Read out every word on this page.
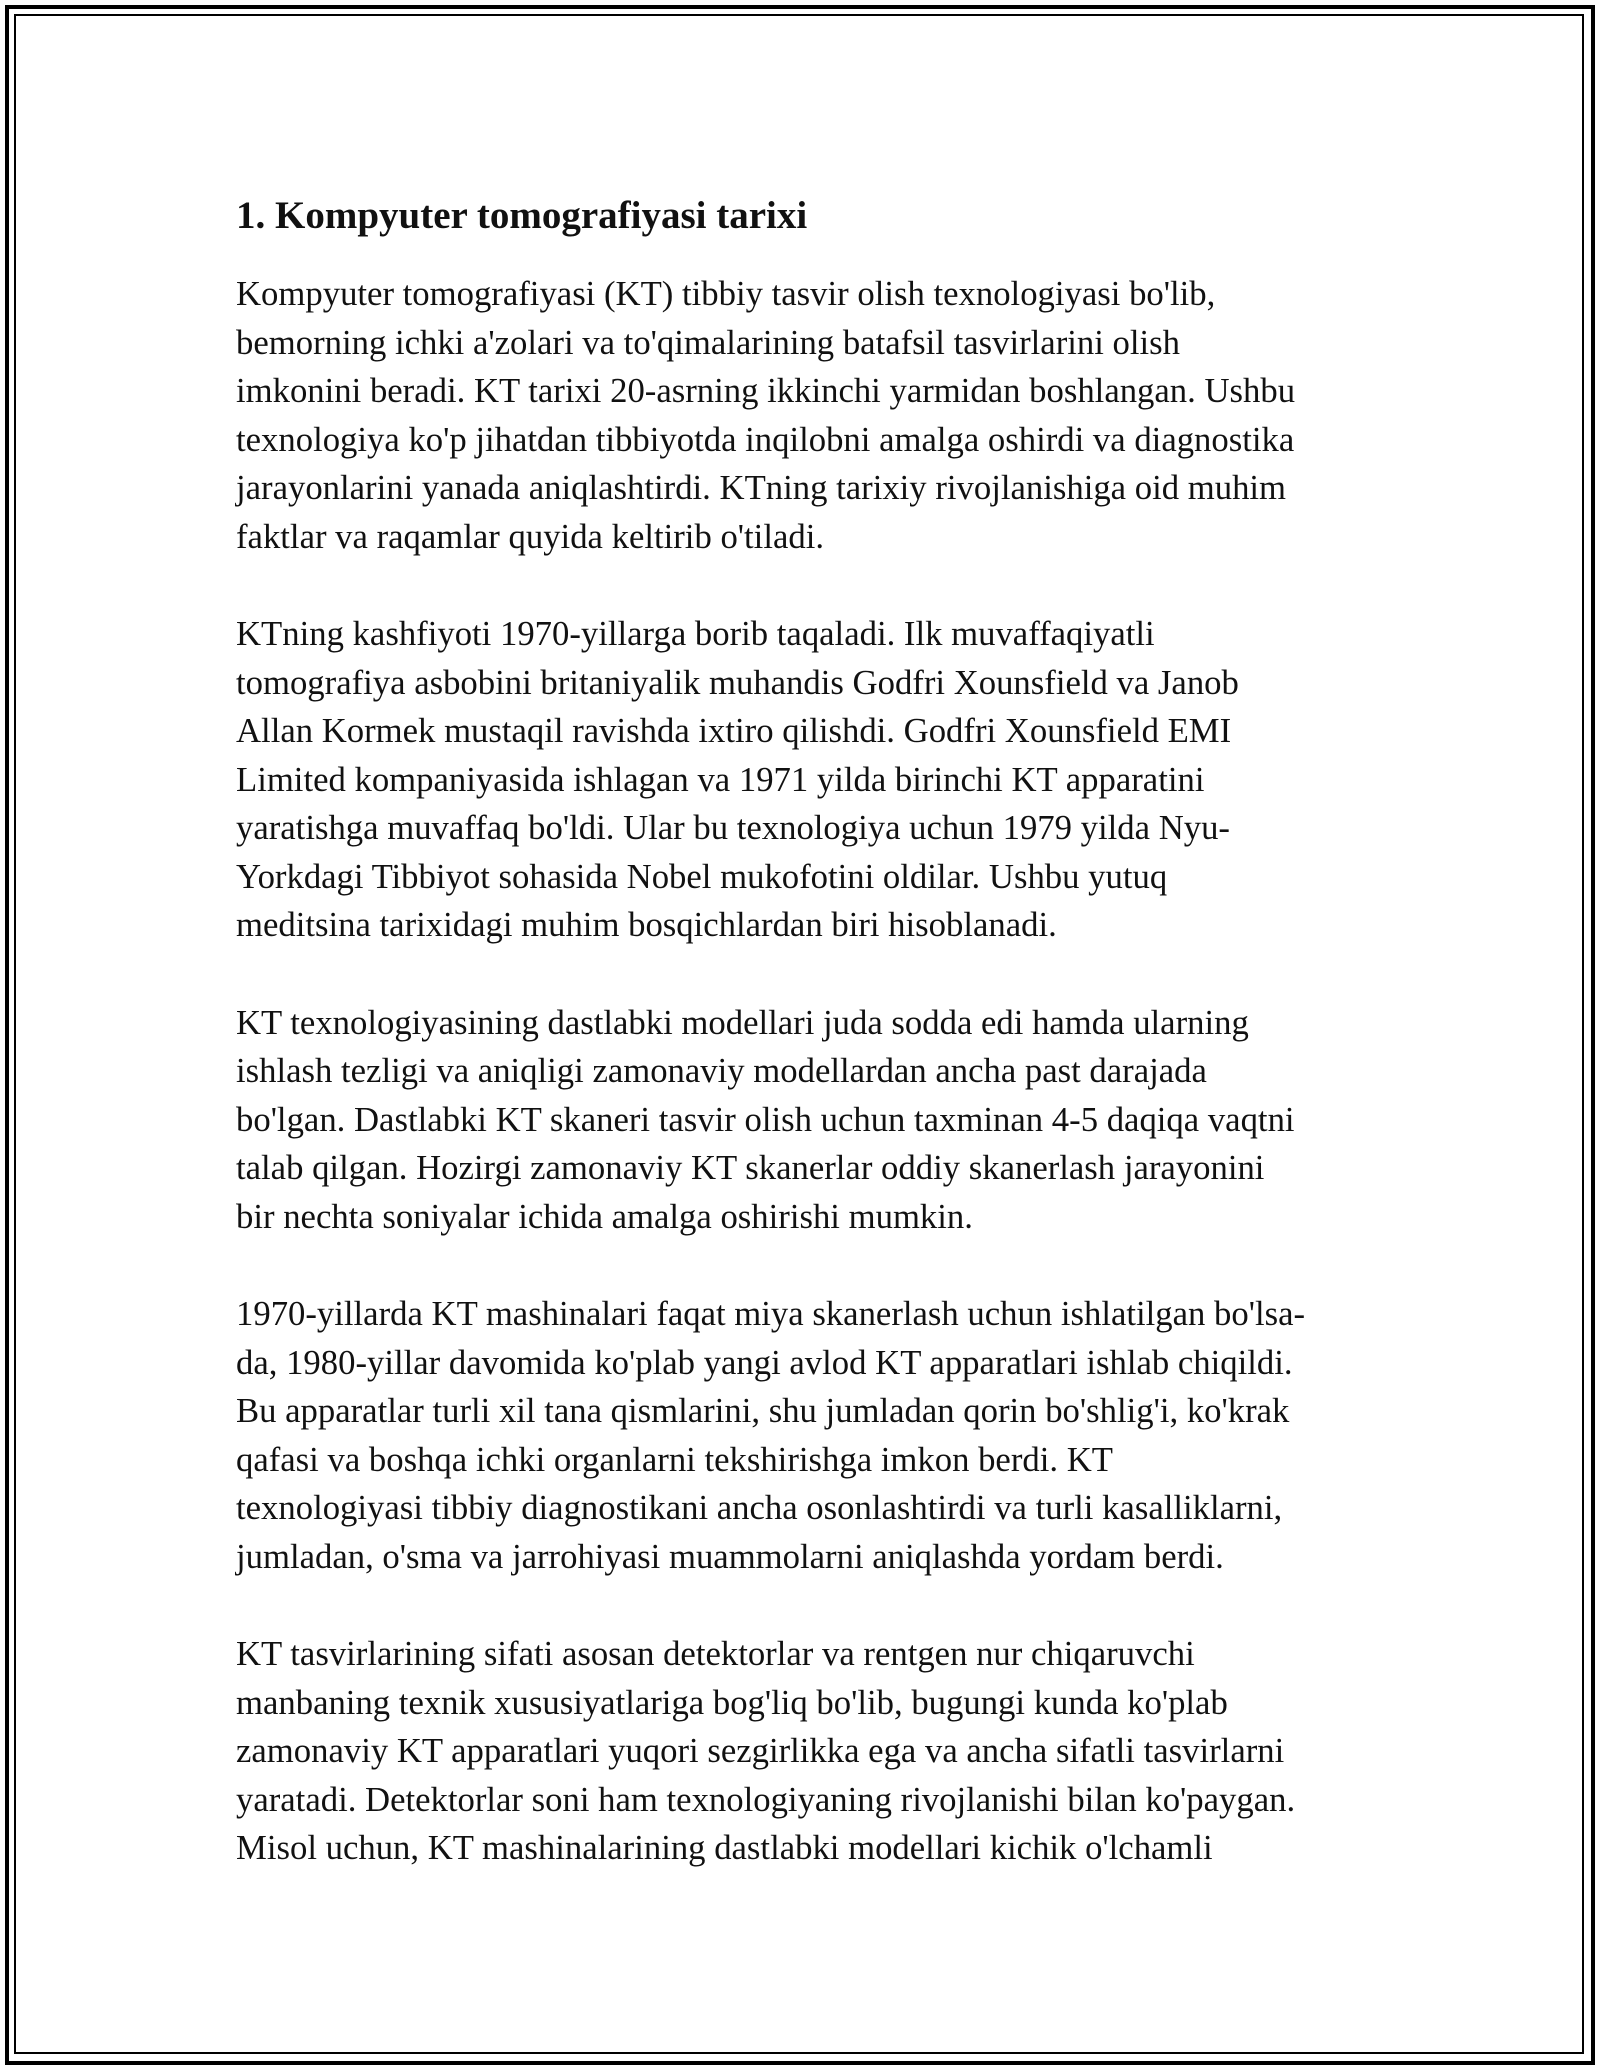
1. Kompyuter tomografiyasi tarixi

Kompyuter tomografiyasi (KT) tibbiy tasvir olish texnologiyasi bo'lib,
bemorning ichki a'zolari va to'qimalarining batafsil tasvirlarini olish
imkonini beradi. KT tarixi 20-asrning ikkinchi yarmidan boshlangan. Ushbu
texnologiya ko'p jihatdan tibbiyotda inqilobni amalga oshirdi va diagnostika
jarayonlarini yanada aniqlashtirdi. KTning tarixiy rivojlanishiga oid muhim
faktlar va raqamlar quyida keltirib o'tiladi.

KTning kashfiyoti 1970-yillarga borib taqaladi. Ilk muvaffaqiyatli
tomografiya asbobini britaniyalik muhandis Godfri Xounsfield va Janob
Allan Kormek mustaqil ravishda ixtiro qilishdi. Godfri Xounsfield EMI
Limited kompaniyasida ishlagan va 1971 yilda birinchi KT apparatini
yaratishga muvaffaq bo'ldi. Ular bu texnologiya uchun 1979 yilda Nyu-
Yorkdagi Tibbiyot sohasida Nobel mukofotini oldilar. Ushbu yutuq
meditsina tarixidagi muhim bosqichlardan biri hisoblanadi.

KT texnologiyasining dastlabki modellari juda sodda edi hamda ularning
ishlash tezligi va aniqligi zamonaviy modellardan ancha past darajada
bo'lgan. Dastlabki KT skaneri tasvir olish uchun taxminan 4-5 daqiqa vaqtni
talab qilgan. Hozirgi zamonaviy KT skanerlar oddiy skanerlash jarayonini
bir nechta soniyalar ichida amalga oshirishi mumkin.

1970-yillarda KT mashinalari faqat miya skanerlash uchun ishlatilgan bo'lsa-
da, 1980-yillar davomida ko'plab yangi avlod KT apparatlari ishlab chiqildi.
Bu apparatlar turli xil tana qismlarini, shu jumladan qorin bo'shlig'i, ko'krak
qafasi va boshqa ichki organlarni tekshirishga imkon berdi. KT
texnologiyasi tibbiy diagnostikani ancha osonlashtirdi va turli kasalliklarni,
jumladan, o'sma va jarrohiyasi muammolarni aniqlashda yordam berdi.

KT tasvirlarining sifati asosan detektorlar va rentgen nur chiqaruvchi
manbaning texnik xususiyatlariga bog'liq bo'lib, bugungi kunda ko'plab
zamonaviy KT apparatlari yuqori sezgirlikka ega va ancha sifatli tasvirlarni
yaratadi. Detektorlar soni ham texnologiyaning rivojlanishi bilan ko'paygan.
Misol uchun, KT mashinalarining dastlabki modellari kichik o'lchamli
